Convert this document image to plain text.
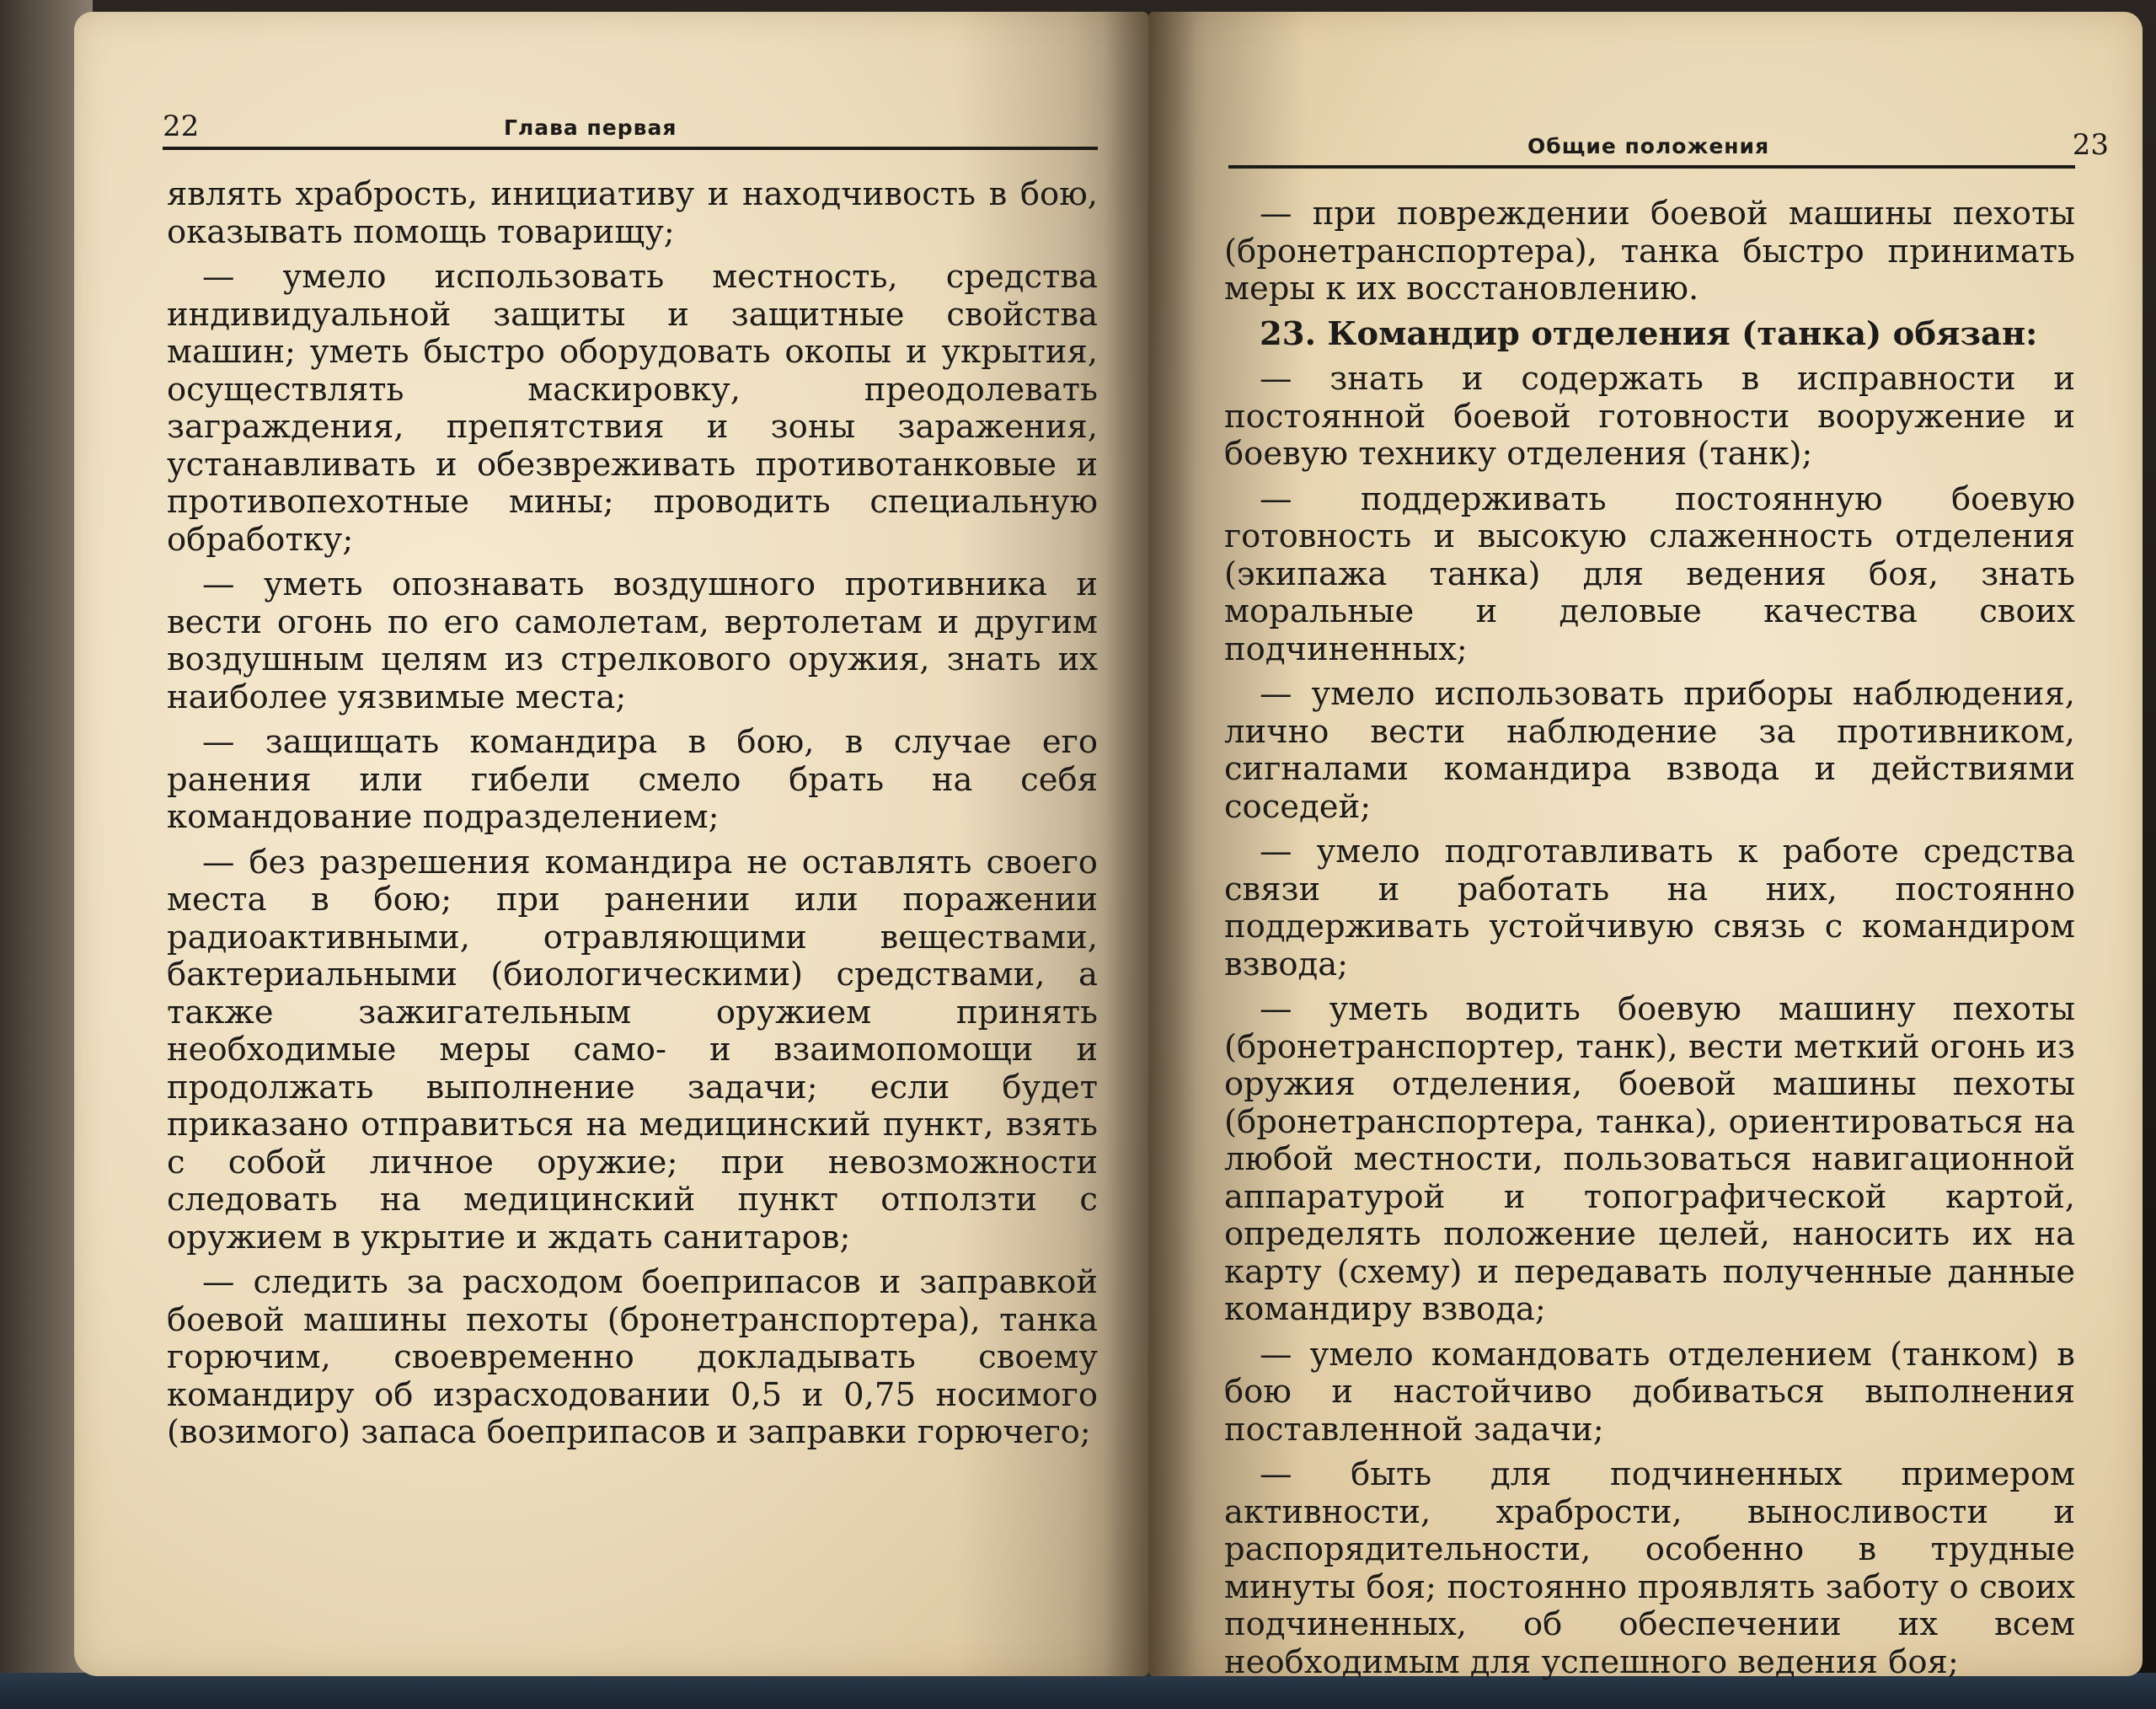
22	Глава первая

являть храбрость, инициативу и находчивость в бою, оказывать помощь товарищу;

— умело использовать местность, средства индивидуальной защиты и защитные свойства машин; уметь быстро оборудовать окопы и укрытия, осуществлять маскировку, преодолевать заграждения, препятствия и зоны заражения, устанавливать и обезвреживать противотанковые и противопехотные мины; проводить специальную обработку;

— уметь опознавать воздушного противника и вести огонь по его самолетам, вертолетам и другим воздушным целям из стрелкового оружия, знать их наиболее уязвимые места;

— защищать командира в бою, в случае его ранения или гибели смело брать на себя командование подразделением;

— без разрешения командира не оставлять своего места в бою; при ранении или поражении радиоактивными, отравляющими веществами, бактериальными (биологическими) средствами, а также зажигательным оружием принять необходимые меры само- и взаимопомощи и продолжать выполнение задачи; если будет приказано отправиться на медицинский пункт, взять с собой личное оружие; при невозможности следовать на медицинский пункт отползти с оружием в укрытие и ждать санитаров;

— следить за расходом боеприпасов и заправкой боевой машины пехоты (бронетранспортера), танка горючим, своевременно докладывать своему командиру об израсходовании 0,5 и 0,75 носимого (возимого) запаса боеприпасов и заправки горючего;

Общие положения	23

— при повреждении боевой машины пехоты (бронетранспортера), танка быстро принимать меры к их восстановлению.

23. Командир отделения (танка) обязан:

— знать и содержать в исправности и постоянной боевой готовности вооружение и боевую технику отделения (танк);

— поддерживать постоянную боевую готовность и высокую слаженность отделения (экипажа танка) для ведения боя, знать моральные и деловые качества своих подчиненных;

— умело использовать приборы наблюдения, лично вести наблюдение за противником, сигналами командира взвода и действиями соседей;

— умело подготавливать к работе средства связи и работать на них, постоянно поддерживать устойчивую связь с командиром взвода;

— уметь водить боевую машину пехоты (бронетранспортер, танк), вести меткий огонь из оружия отделения, боевой машины пехоты (бронетранспортера, танка), ориентироваться на любой местности, пользоваться навигационной аппаратурой и топографической картой, определять положение целей, наносить их на карту (схему) и передавать полученные данные командиру взвода;

— умело командовать отделением (танком) в бою и настойчиво добиваться выполнения поставленной задачи;

— быть для подчиненных примером активности, храбрости, выносливости и распорядительности, особенно в трудные минуты боя; постоянно проявлять заботу о своих подчиненных, об обеспечении их всем необходимым для успешного ведения боя;
